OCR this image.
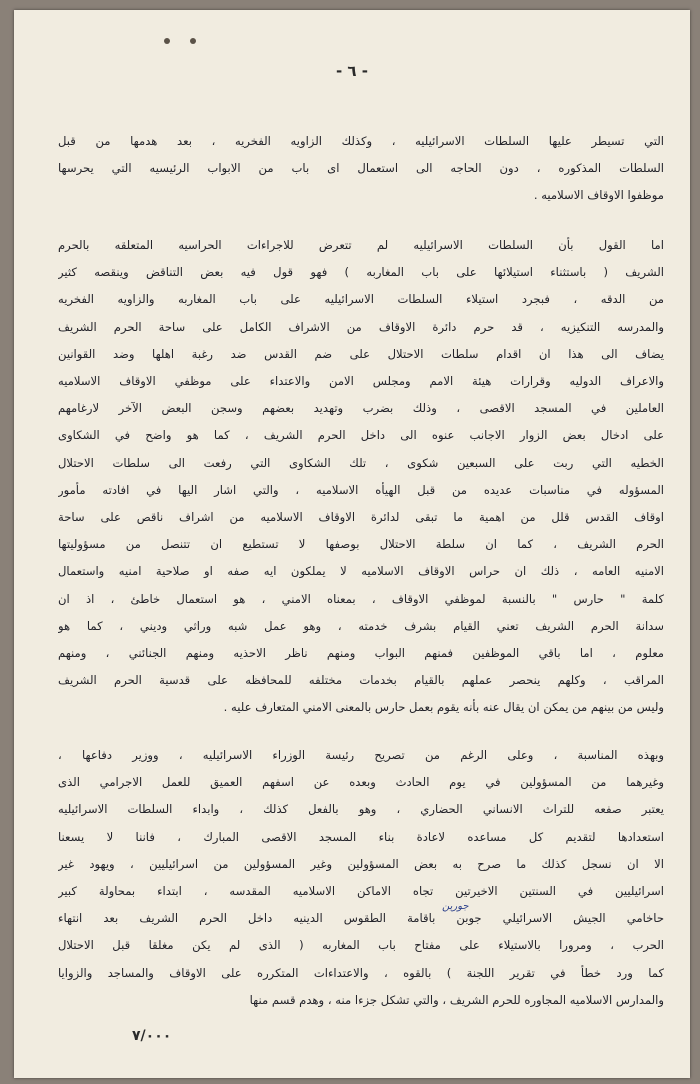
- ٦ -
التي تسيطر عليها السلطات الاسرائيليه ، وكذلك الزاويه الفخريه ، بعد هدمها من قبل
السلطات المذكوره ، دون الحاجه الى استعمال اى باب من الابواب الرئيسيه التي يحرسها
موظفوا الاوقاف الاسلاميه .
اما القول بأن السلطات الاسرائيليه لم تتعرض للاجراءات الحراسيه المتعلقه بالحرم
الشريف ( باستثناء استيلائها على باب المغاربه ) فهو قول فيه بعض التناقض وينقصه كثير
من الدقه ، فبجرد استيلاء السلطات الاسرائيليه على باب المغاربه والزاويه الفخريه
والمدرسه التنكيزيه ، قد حرم دائرة الاوقاف من الاشراف الكامل على ساحة الحرم الشريف
يضاف الى هذا ان اقدام سلطات الاحتلال على ضم القدس ضد رغبة اهلها وضد القوانين
والاعراف الدوليه وقرارات هيئة الامم ومجلس الامن والاعتداء على موظفي الاوقاف الاسلاميه
العاملين في المسجد الاقصى ، وذلك بضرب وتهديد بعضهم وسجن البعض الآخر لارغامهم
على ادخال بعض الزوار الاجانب عنوه الى داخل الحرم الشريف ، كما هو واضح في الشكاوى
الخطيه التي ربت على السبعين شكوى ، تلك الشكاوى التي رفعت الى سلطات الاحتلال
المسؤوله في مناسبات عديده من قبل الهيأه الاسلاميه ، والتي اشار اليها في افادته مأمور
اوقاف القدس قلل من اهمية ما تبقى لدائرة الاوقاف الاسلاميه من اشراف ناقص على ساحة
الحرم الشريف ، كما ان سلطة الاحتلال بوصفها لا تستطيع ان تتنصل من مسؤوليتها
الامنيه العامه ، ذلك ان حراس الاوقاف الاسلاميه لا يملكون ايه صفه او صلاحية امنيه واستعمال
كلمة " حارس " بالنسبة لموظفي الاوقاف ، بمعناه الامني ، هو استعمال خاطئ ، اذ ان
سدانة الحرم الشريف تعني القيام بشرف خدمته ، وهو عمل شبه وراثي وديني ، كما هو
معلوم ، اما باقي الموظفين فمنهم البواب ومنهم ناظر الاحذيه ومنهم الجنائني ، ومنهم
المراقب ، وكلهم ينحصر عملهم بالقيام بخدمات مختلفه للمحافظه على قدسية الحرم الشريف
وليس من بينهم من يمكن ان يقال عنه بأنه يقوم بعمل حارس بالمعنى الامني المتعارف عليه .
وبهذه المناسبة ، وعلى الرغم من تصريح رئيسة الوزراء الاسرائيليه ، ووزير دفاعها ،
وغيرهما من المسؤولين في يوم الحادث وبعده عن اسفهم العميق للعمل الاجرامي الذى
يعتبر صفعه للتراث الانساني الحضاري ، وهو بالفعل كذلك ، وابداء السلطات الاسرائيليه
استعدادها لتقديم كل مساعده لاعادة بناء المسجد الاقصى المبارك ، فاننا لا يسعنا
الا ان نسجل كذلك ما صرح به بعض المسؤولين وغير المسؤولين من اسرائيليين ، ويهود غير
اسرائيليين في السنتين الاخيرتين تجاه الاماكن الاسلاميه المقدسه ، ابتداء بمحاولة كبير
حاخامي الجيش الاسرائيلي جوبن باقامة الطقوس الدينيه داخل الحرم الشريف بعد انتهاء
الحرب ، ومرورا بالاستيلاء على مفتاح باب المغاربه ( الذى لم يكن مغلقا قبل الاحتلال
كما ورد خطأ في تقرير اللجنة ) بالقوه ، والاعتداءات المتكرره على الاوقاف والمساجد والزوايا
والمدارس الاسلاميه المجاوره للحرم الشريف ، والتي تشكل جزءا منه ، وهدم قسم منها
جورين
٧/٠٠٠
